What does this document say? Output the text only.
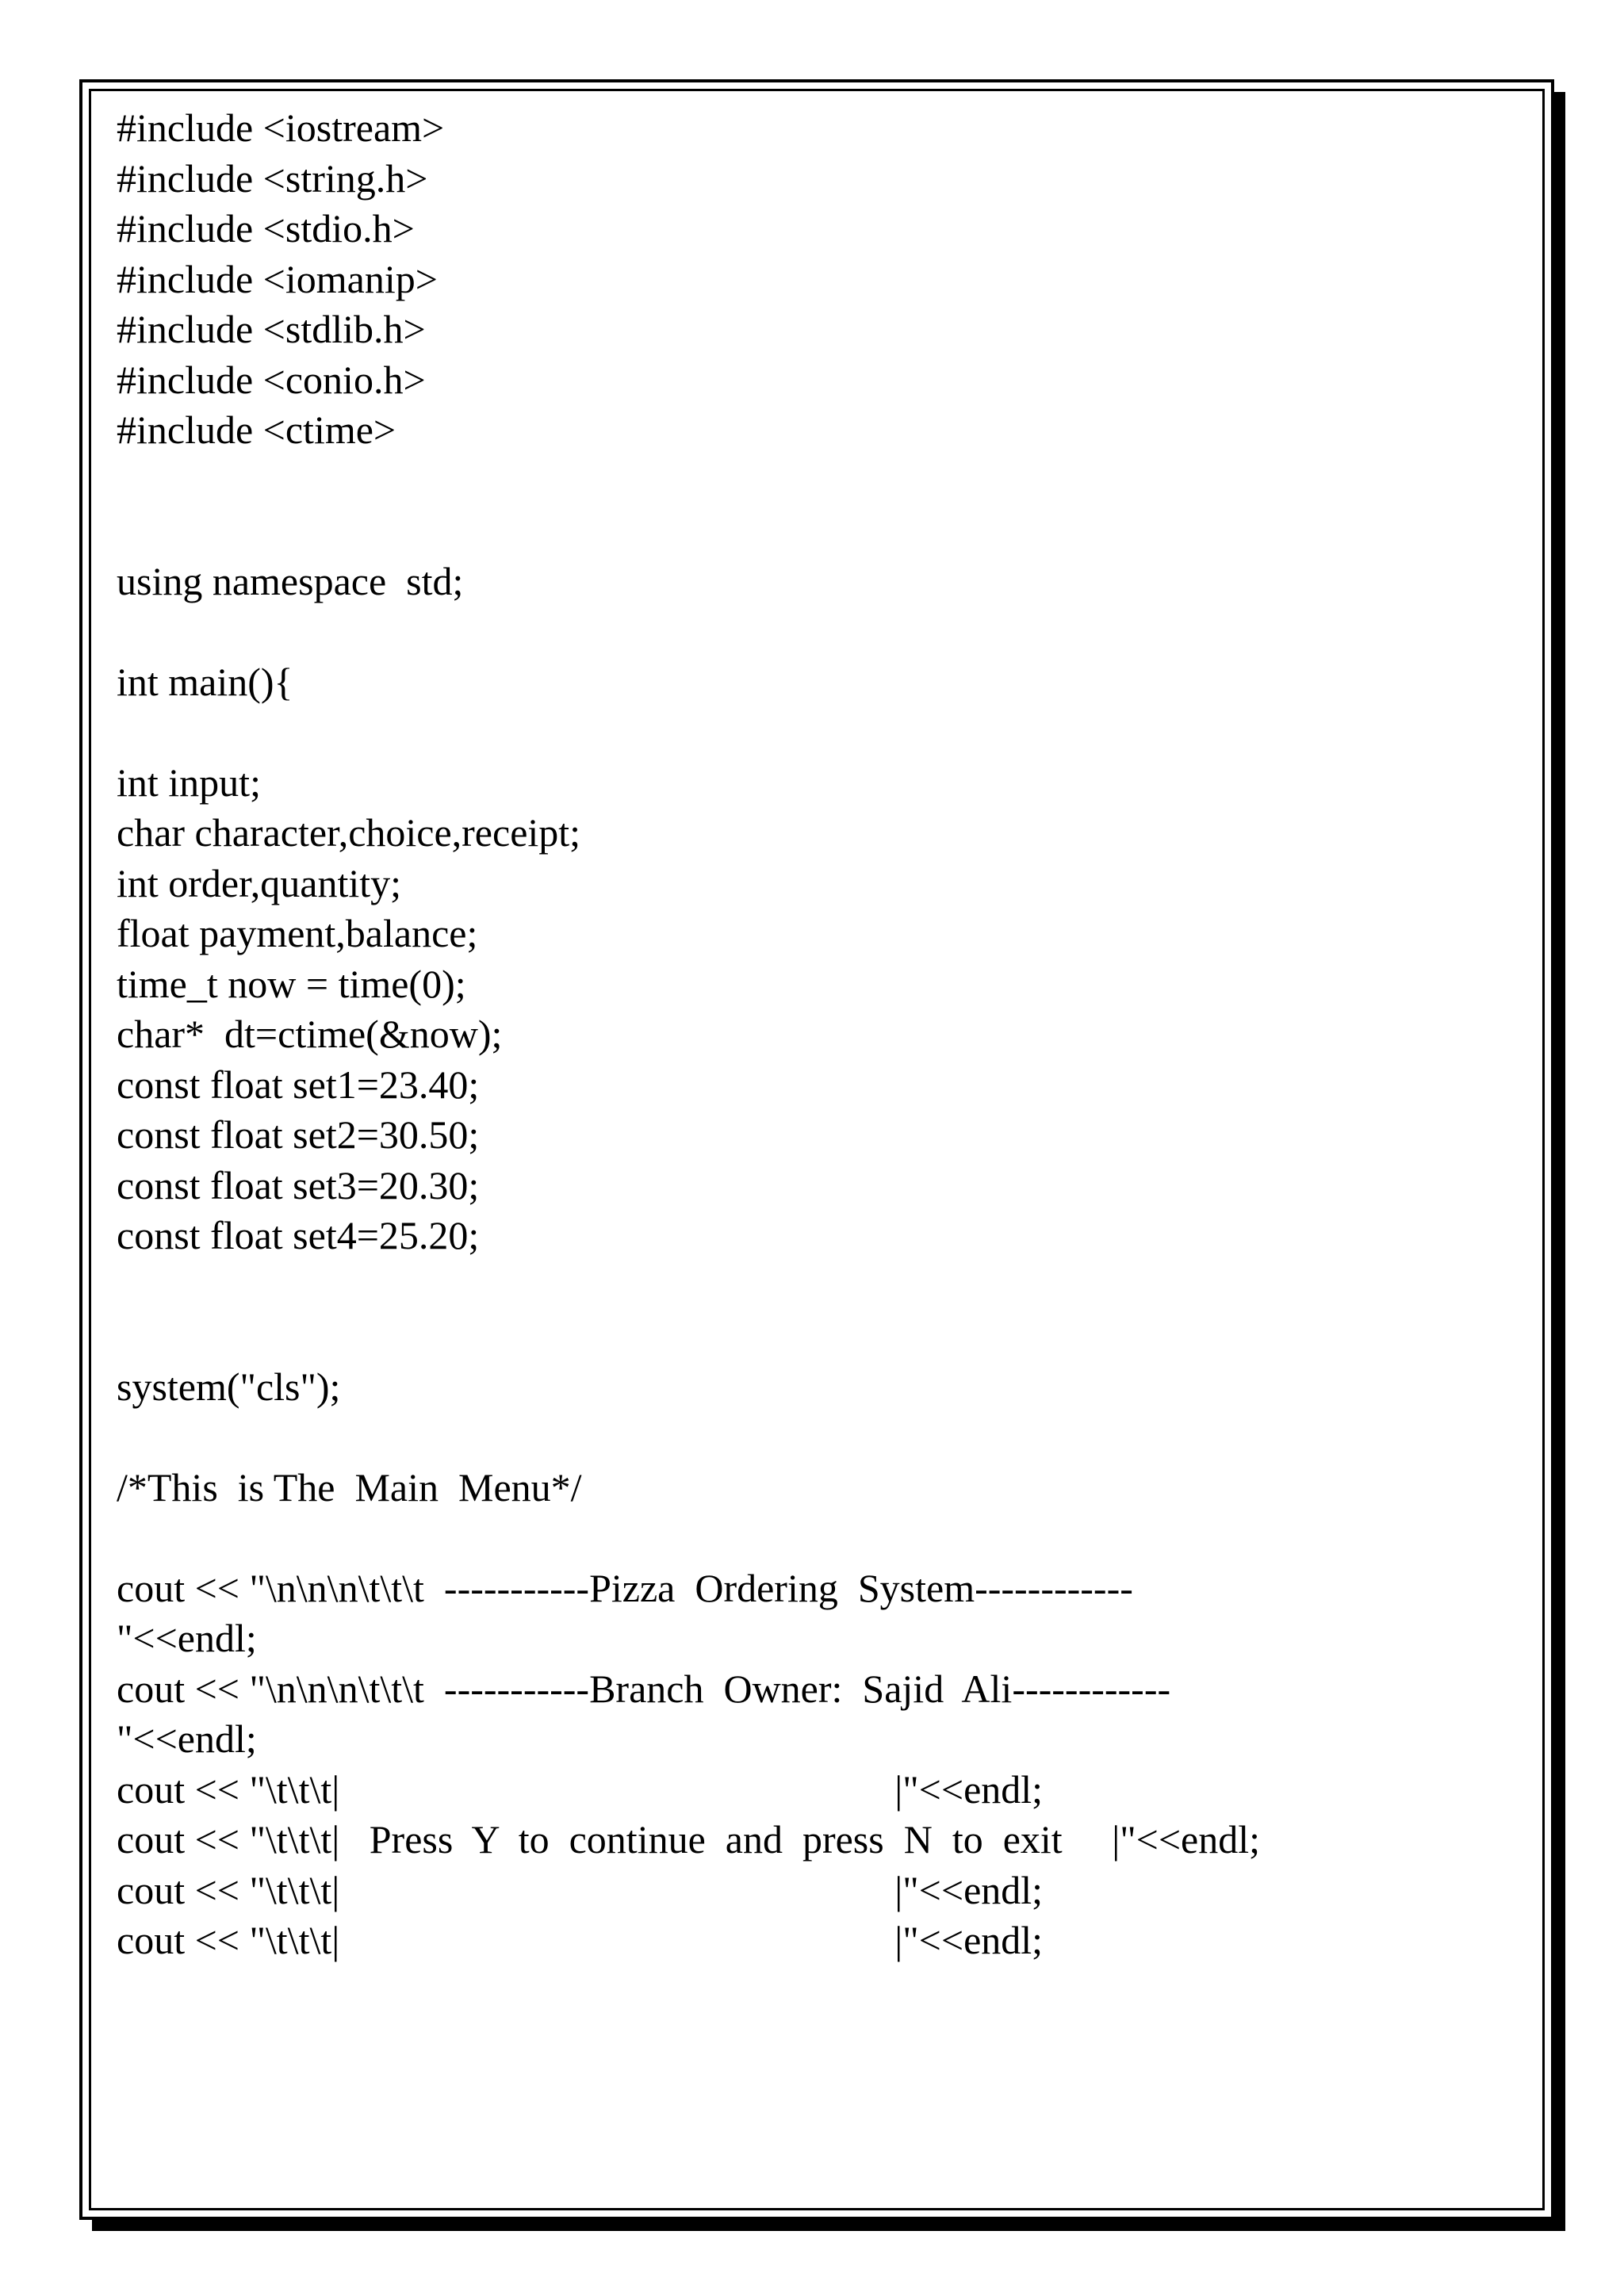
#include <iostream>
#include <string.h>
#include <stdio.h>
#include <iomanip>
#include <stdlib.h>
#include <conio.h>
#include <ctime>
using namespace  std;
int main(){
int input;
char character,choice,receipt;
int order,quantity;
float payment,balance;
time_t now = time(0);
char*  dt=ctime(&now);
const float set1=23.40;
const float set2=30.50;
const float set3=20.30;
const float set4=25.20;
system("cls");
/*This  is The  Main  Menu*/
cout << "\n\n\n\t\t\t  -----------Pizza  Ordering  System------------
"<<endl;
cout << "\n\n\n\t\t\t  -----------Branch  Owner:  Sajid  Ali------------
"<<endl;
cout << "\t\t\t|                                                        |"<<endl;
cout << "\t\t\t|   Press  Y  to  continue  and  press  N  to  exit     |"<<endl;
cout << "\t\t\t|                                                        |"<<endl;
cout << "\t\t\t|                                                        |"<<endl;
